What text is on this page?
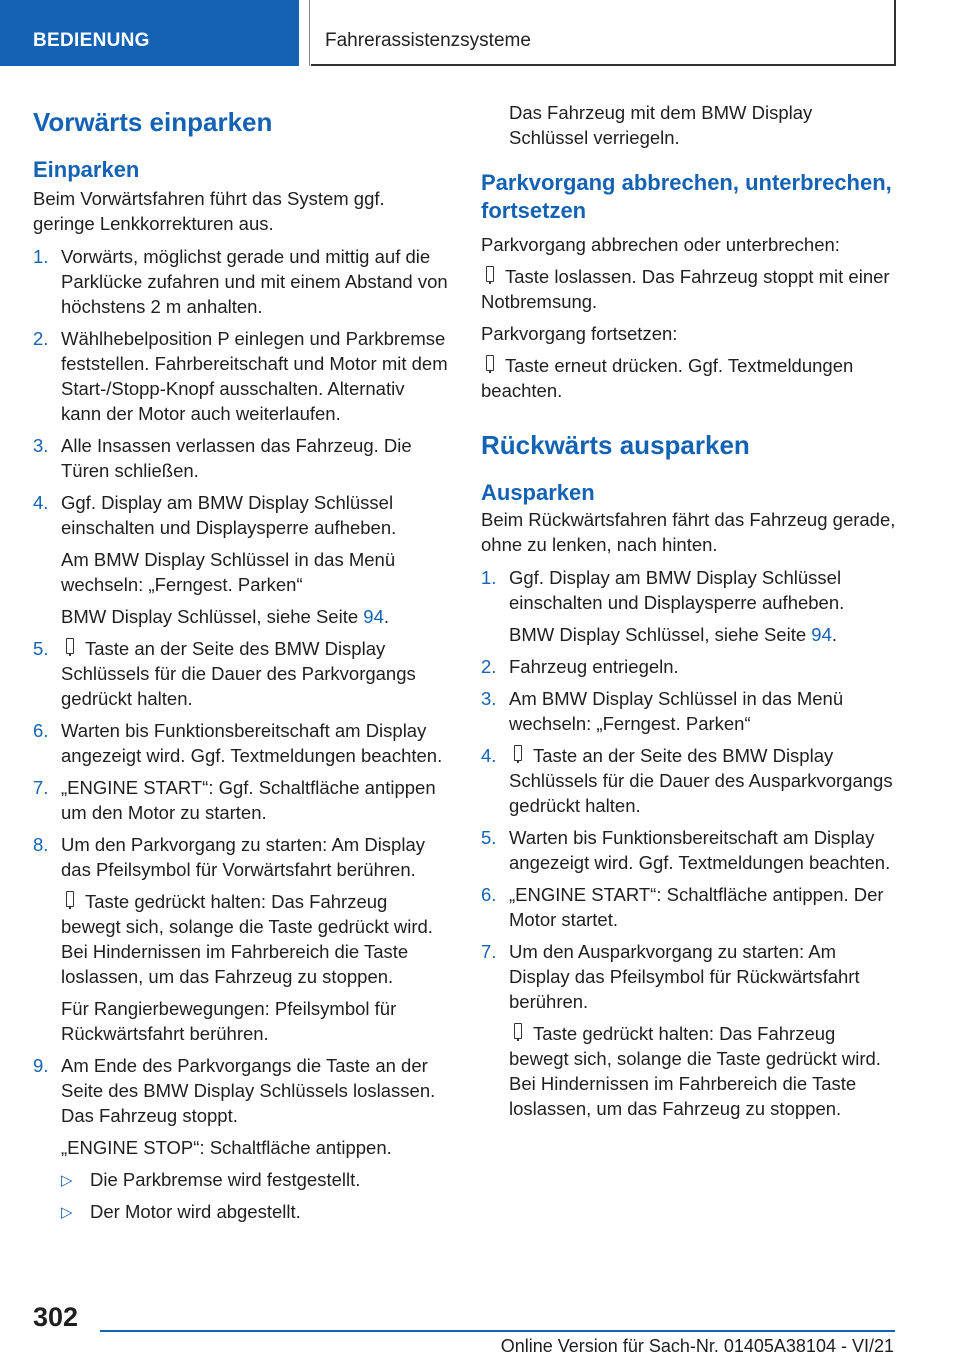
BEDIENUNG	Fahrerassistenzsysteme
Vorwärts einparken
Einparken

Beim Vorwärtsfahren führt das System ggf. geringe Lenkkorrekturen aus.

1. Vorwärts, möglichst gerade und mittig auf die Parklücke zufahren und mit einem Abstand von höchstens 2 m anhalten.
2. Wählhebelposition P einlegen und Parkbremse feststellen. Fahrbereitschaft und Motor mit dem Start-/Stopp-Knopf ausschalten. Alternativ kann der Motor auch weiterlaufen.
3. Alle Insassen verlassen das Fahrzeug. Die Türen schließen.
4. Ggf. Display am BMW Display Schlüssel einschalten und Displaysperre aufheben.

Am BMW Display Schlüssel in das Menü wechseln: „Ferngest. Parken“

BMW Display Schlüssel, siehe Seite 94.

5. Taste an der Seite des BMW Display Schlüssels für die Dauer des Parkvorgangs gedrückt halten.
6. Warten bis Funktionsbereitschaft am Display angezeigt wird. Ggf. Textmeldungen beachten.
7. „ENGINE START“: Ggf. Schaltfläche antippen um den Motor zu starten.
8. Um den Parkvorgang zu starten: Am Display das Pfeilsymbol für Vorwärtsfahrt berühren.

Taste gedrückt halten: Das Fahrzeug bewegt sich, solange die Taste gedrückt wird. Bei Hindernissen im Fahrbereich die Taste loslassen, um das Fahrzeug zu stoppen.

Für Rangierbewegungen: Pfeilsymbol für Rückwärtsfahrt berühren.

9. Am Ende des Parkvorgangs die Taste an der Seite des BMW Display Schlüssels loslassen. Das Fahrzeug stoppt.

„ENGINE STOP“: Schaltfläche antippen.

▷ Die Parkbremse wird festgestellt.
▷ Der Motor wird abgestellt.

Das Fahrzeug mit dem BMW Display Schlüssel verriegeln.

Parkvorgang abbrechen, unterbrechen, fortsetzen

Parkvorgang abbrechen oder unterbrechen:

Taste loslassen. Das Fahrzeug stoppt mit einer Notbremsung.

Parkvorgang fortsetzen:

Taste erneut drücken. Ggf. Textmeldungen beachten.

Rückwärts ausparken
Ausparken

Beim Rückwärtsfahren fährt das Fahrzeug gerade, ohne zu lenken, nach hinten.

1. Ggf. Display am BMW Display Schlüssel einschalten und Displaysperre aufheben.

BMW Display Schlüssel, siehe Seite 94.

2. Fahrzeug entriegeln.
3. Am BMW Display Schlüssel in das Menü wechseln: „Ferngest. Parken“
4. Taste an der Seite des BMW Display Schlüssels für die Dauer des Ausparkvorgangs gedrückt halten.
5. Warten bis Funktionsbereitschaft am Display angezeigt wird. Ggf. Textmeldungen beachten.
6. „ENGINE START“: Schaltfläche antippen. Der Motor startet.
7. Um den Ausparkvorgang zu starten: Am Display das Pfeilsymbol für Rückwärtsfahrt berühren.

Taste gedrückt halten: Das Fahrzeug bewegt sich, solange die Taste gedrückt wird. Bei Hindernissen im Fahrbereich die Taste loslassen, um das Fahrzeug zu stoppen.

302
Online Version für Sach-Nr. 01405A38104 - VI/21
